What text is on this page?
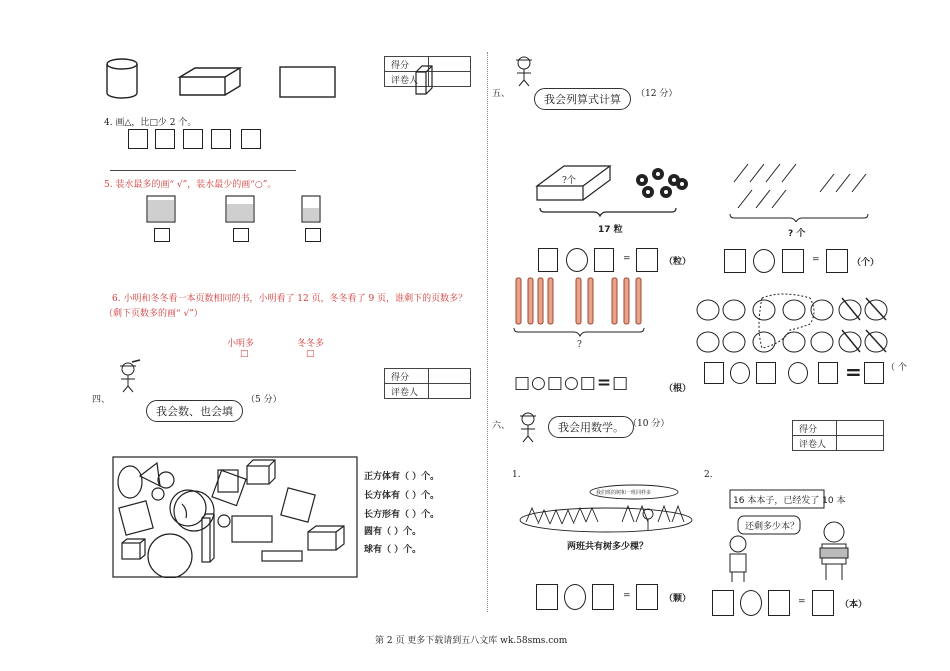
得分	
评卷人	
4. 画△，比□少 2 个。
5. 装水最多的画“ √”，装水最少的画“○”。
6. 小明和冬冬看一本页数相同的书，小明看了 12 页，冬冬看了 9 页，谁剩下的页数多？
（剩下页数多的画“ √”）
小明多	冬冬多
□	□
四、	（5 分）
我会数、也会填
得分	
评卷人	
正方体有（ ）个。
长方体有（ ）个。
长方形有（ ）个。
圆有（ ）个。
球有（ ）个。
五、	（12 分）
我会列算式计算
?个
17 粒	? 个
=	（粒）	=	（个）
?
□○□○□=□	（根）
=	（ 个
六、	我会用数学。 （10 分）
得分	
评卷人	
1.	2.
我们班的树和一班同样多
两班共有树多少棵？
16 本本子，已经发了 10 本
还剩多少本？
=	（颗）	=	（本）
第 2 页 更多下载请到五八文库 wk.58sms.com
